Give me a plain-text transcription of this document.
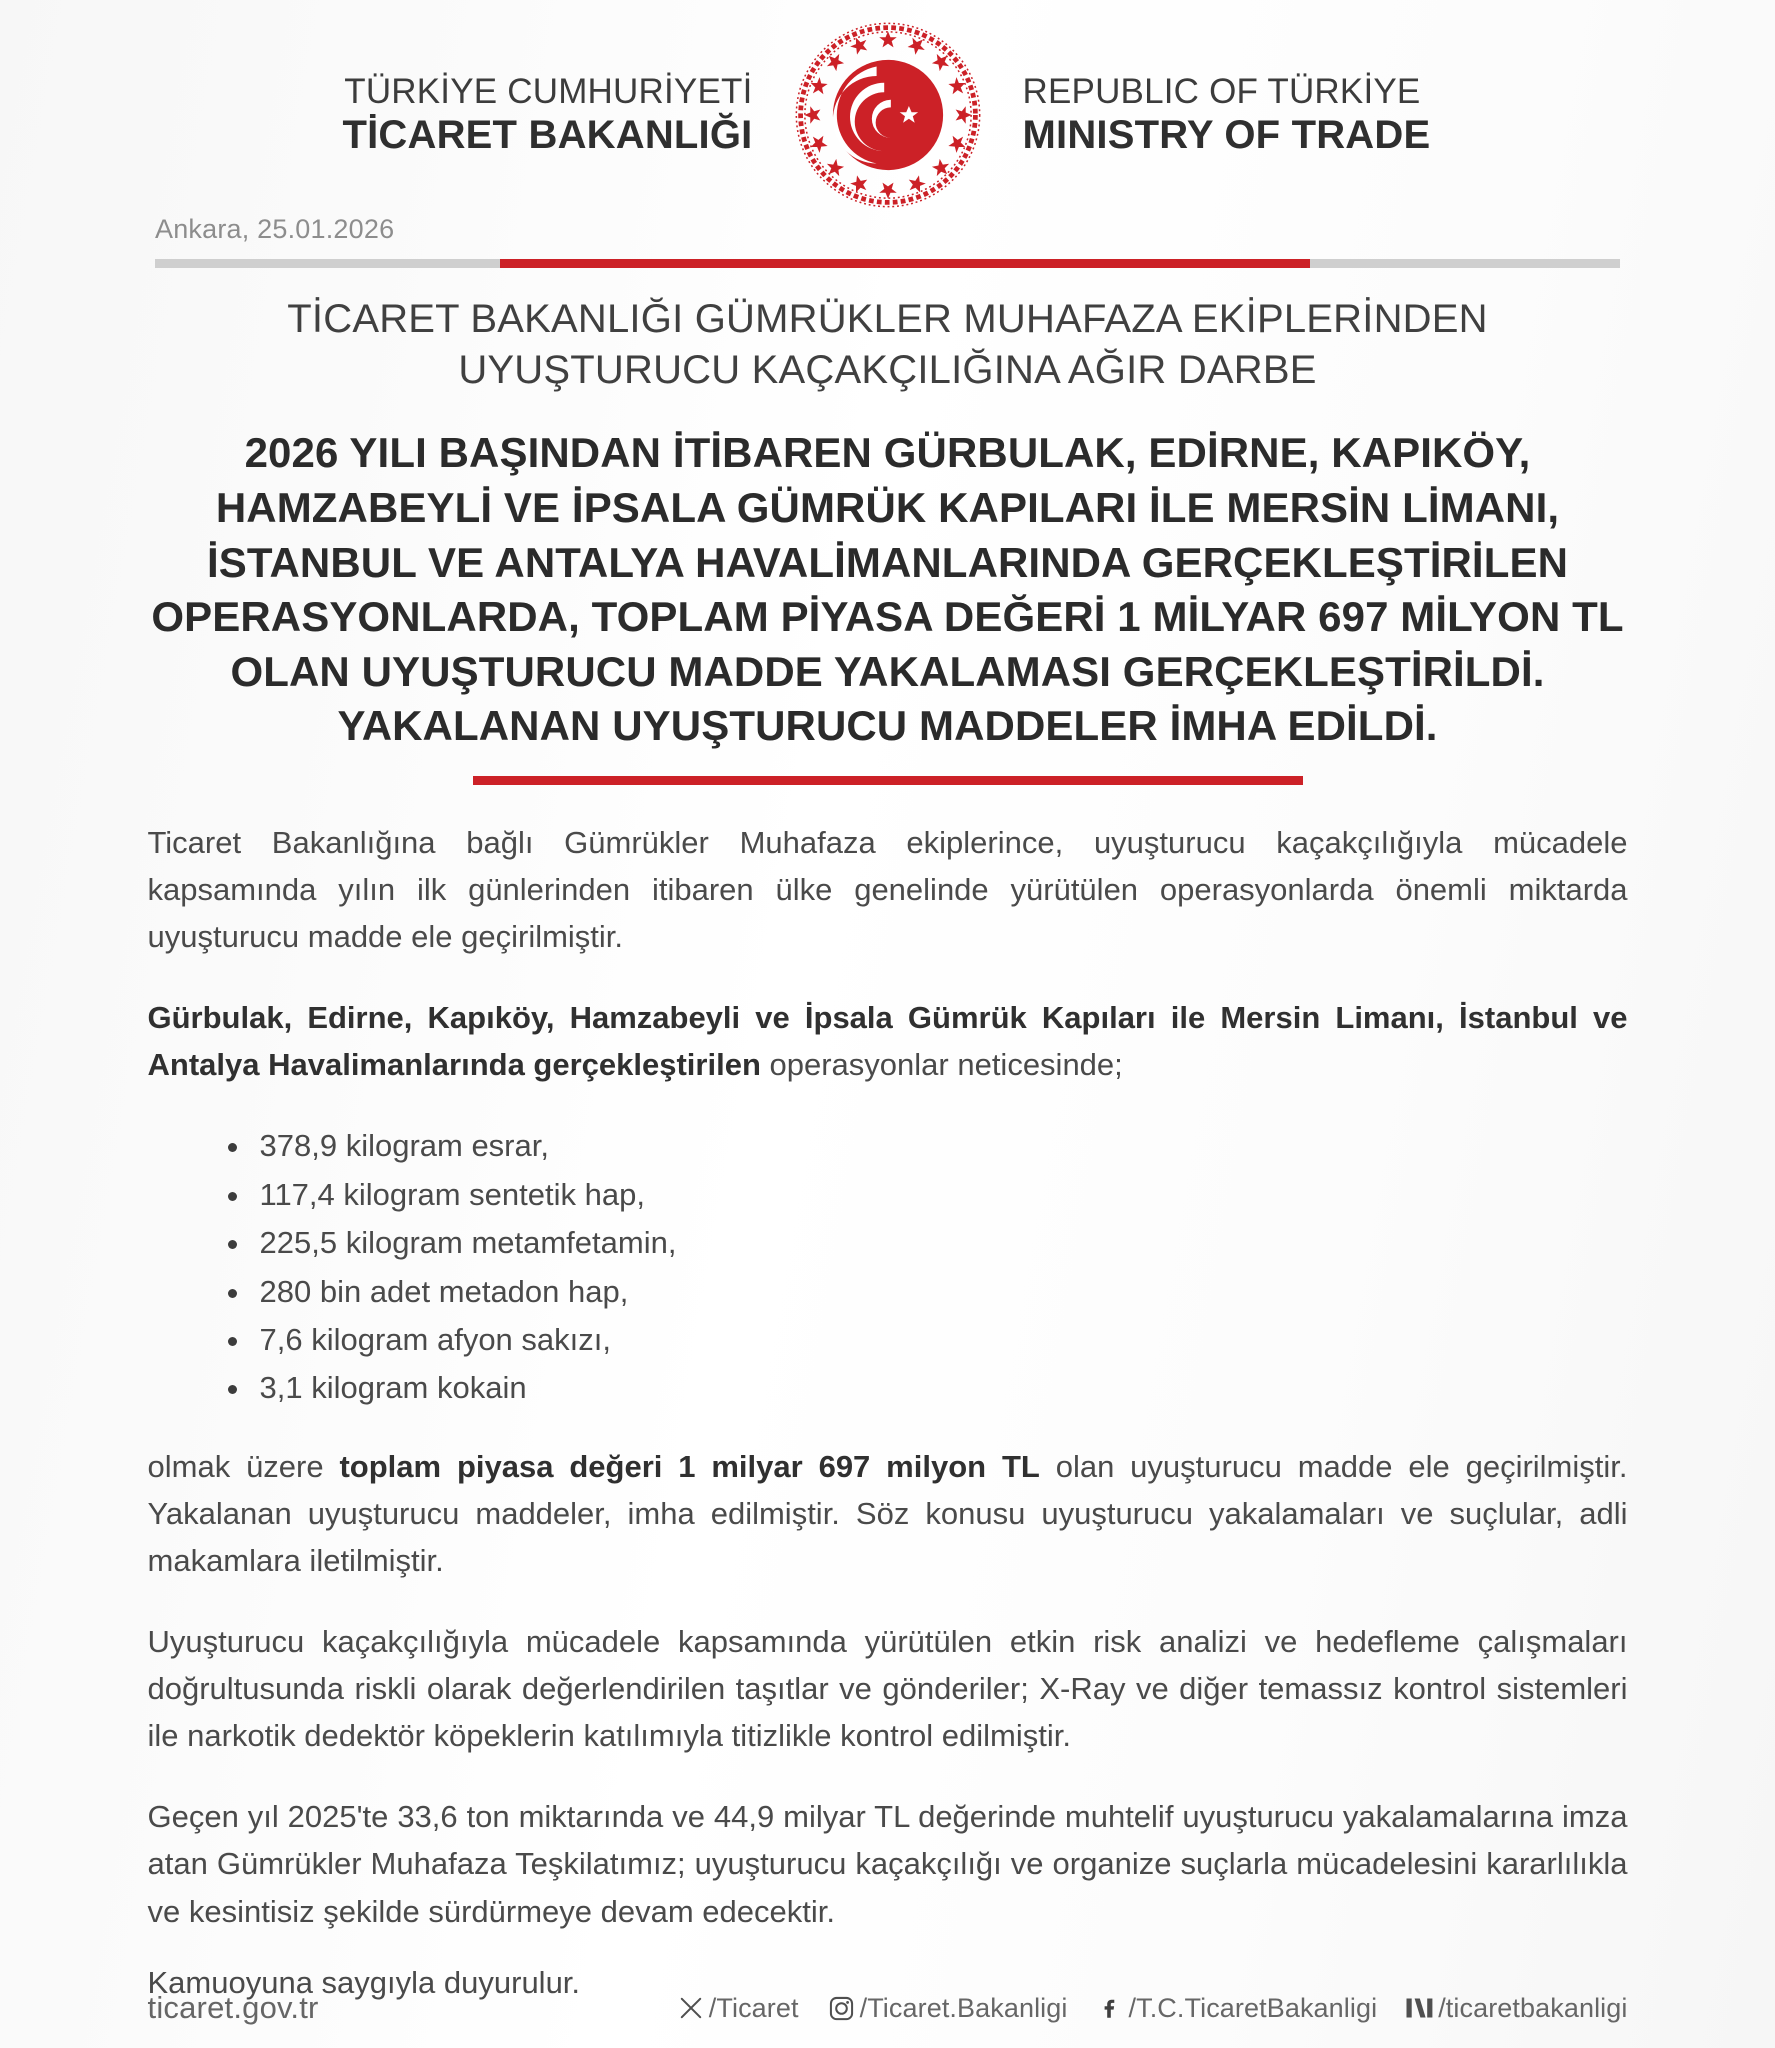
TÜRKİYE CUMHURİYETİ
TİCARET BAKANLIĞI
REPUBLIC OF TÜRKİYE
MINISTRY OF TRADE
Ankara, 25.01.2026
TİCARET BAKANLIĞI GÜMRÜKLER MUHAFAZA EKİPLERİNDEN
UYUŞTURUCU KAÇAKÇILIĞINA AĞIR DARBE
2026 YILI BAŞINDAN İTİBAREN GÜRBULAK, EDİRNE, KAPIKÖY, HAMZABEYLİ VE İPSALA GÜMRÜK KAPILARI İLE MERSİN LİMANI, İSTANBUL VE ANTALYA HAVALİMANLARINDA GERÇEKLEŞTİRİLEN OPERASYONLARDA, TOPLAM PİYASA DEĞERİ 1 MİLYAR 697 MİLYON TL OLAN UYUŞTURUCU MADDE YAKALAMASI GERÇEKLEŞTİRİLDİ. YAKALANAN UYUŞTURUCU MADDELER İMHA EDİLDİ.

Ticaret Bakanlığına bağlı Gümrükler Muhafaza ekiplerince, uyuşturucu kaçakçılığıyla mücadele kapsamında yılın ilk günlerinden itibaren ülke genelinde yürütülen operasyonlarda önemli miktarda uyuşturucu madde ele geçirilmiştir.

Gürbulak, Edirne, Kapıköy, Hamzabeyli ve İpsala Gümrük Kapıları ile Mersin Limanı, İstanbul ve Antalya Havalimanlarında gerçekleştirilen operasyonlar neticesinde;

378,9 kilogram esrar,
117,4 kilogram sentetik hap,
225,5 kilogram metamfetamin,
280 bin adet metadon hap,
7,6 kilogram afyon sakızı,
3,1 kilogram kokain

olmak üzere toplam piyasa değeri 1 milyar 697 milyon TL olan uyuşturucu madde ele geçirilmiştir. Yakalanan uyuşturucu maddeler, imha edilmiştir. Söz konusu uyuşturucu yakalamaları ve suçlular, adli makamlara iletilmiştir.

Uyuşturucu kaçakçılığıyla mücadele kapsamında yürütülen etkin risk analizi ve hedefleme çalışmaları doğrultusunda riskli olarak değerlendirilen taşıtlar ve gönderiler; X-Ray ve diğer temassız kontrol sistemleri ile narkotik dedektör köpeklerin katılımıyla titizlikle kontrol edilmiştir.

Geçen yıl 2025'te 33,6 ton miktarında ve 44,9 milyar TL değerinde muhtelif uyuşturucu yakalamalarına imza atan Gümrükler Muhafaza Teşkilatımız; uyuşturucu kaçakçılığı ve organize suçlarla mücadelesini kararlılıkla ve kesintisiz şekilde sürdürmeye devam edecektir.

Kamuoyuna saygıyla duyurulur.

ticaret.gov.tr	/Ticaret /Ticaret.Bakanligi /T.C.TicaretBakanligi /ticaretbakanligi
